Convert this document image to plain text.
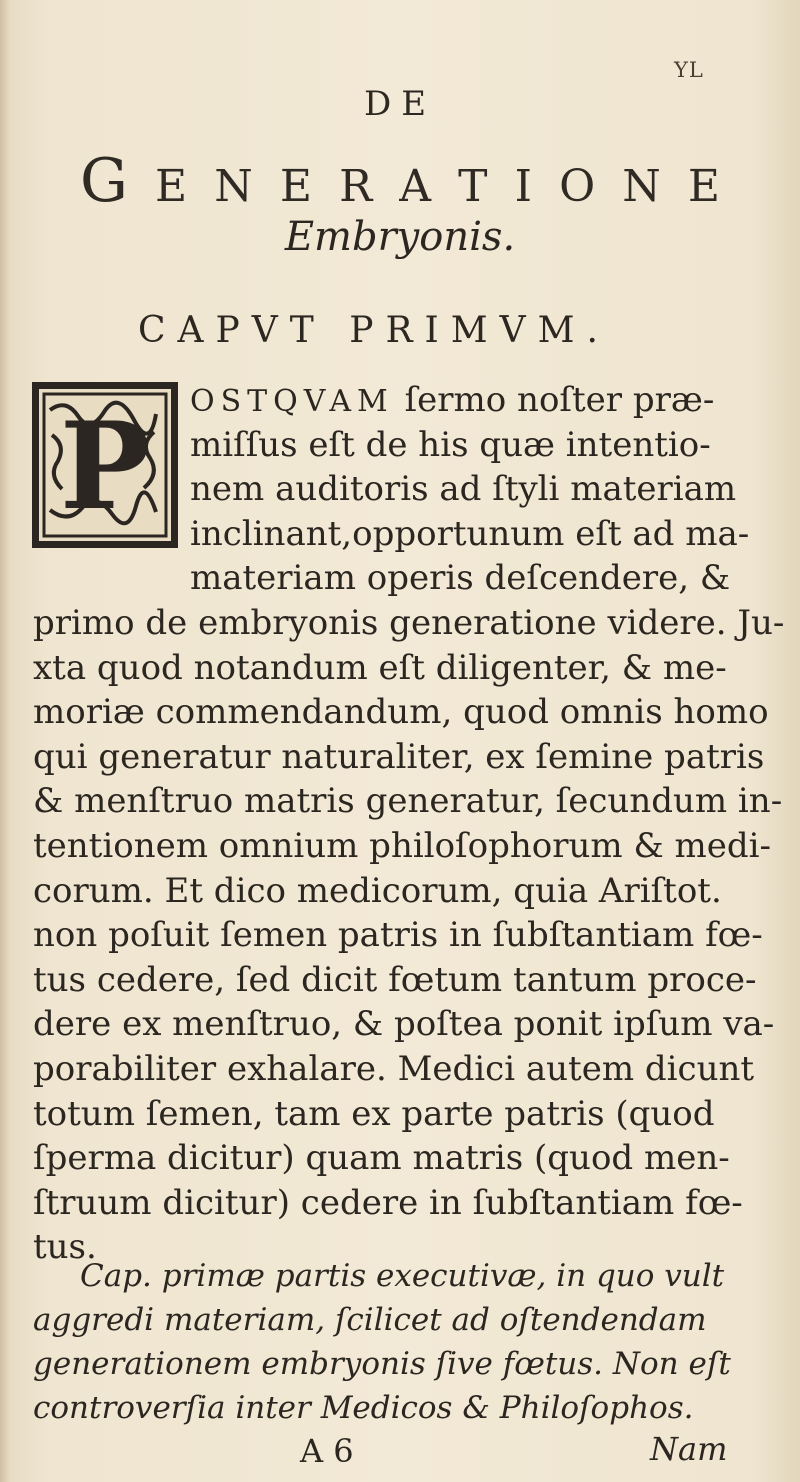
YL
DE
G E N E R A T I O N E
Embryonis.
CAPVT PRIMVM.
P OSTQVAM ſermo noſter præ-
miſſus eſt de his quæ intentio-
nem auditoris ad ſtyli materiam
inclinant,opportunum eſt ad ma-
materiam operis deſcendere, &
primo de embryonis generatione videre. Ju-
xta quod notandum eſt diligenter, & me-
moriæ commendandum, quod omnis homo
qui generatur naturaliter, ex ſemine patris
& menſtruo matris generatur, ſecundum in-
tentionem omnium philoſophorum & medi-
corum. Et dico medicorum, quia Ariſtot.
non poſuit ſemen patris in ſubſtantiam fœ-
tus cedere, ſed dicit fœtum tantum proce-
dere ex menſtruo, & poſtea ponit ipſum va-
porabiliter exhalare. Medici autem dicunt
totum ſemen, tam ex parte patris (quod
ſperma dicitur) quam matris (quod men-
ſtruum dicitur) cedere in ſubſtantiam fœ-
tus.
Cap. primæ partis executivæ, in quo vult
aggredi materiam, ſcilicet ad oſtendendam
generationem embryonis ſive fœtus. Non eſt
controverſia inter Medicos & Philoſophos.
A 6	Nam
